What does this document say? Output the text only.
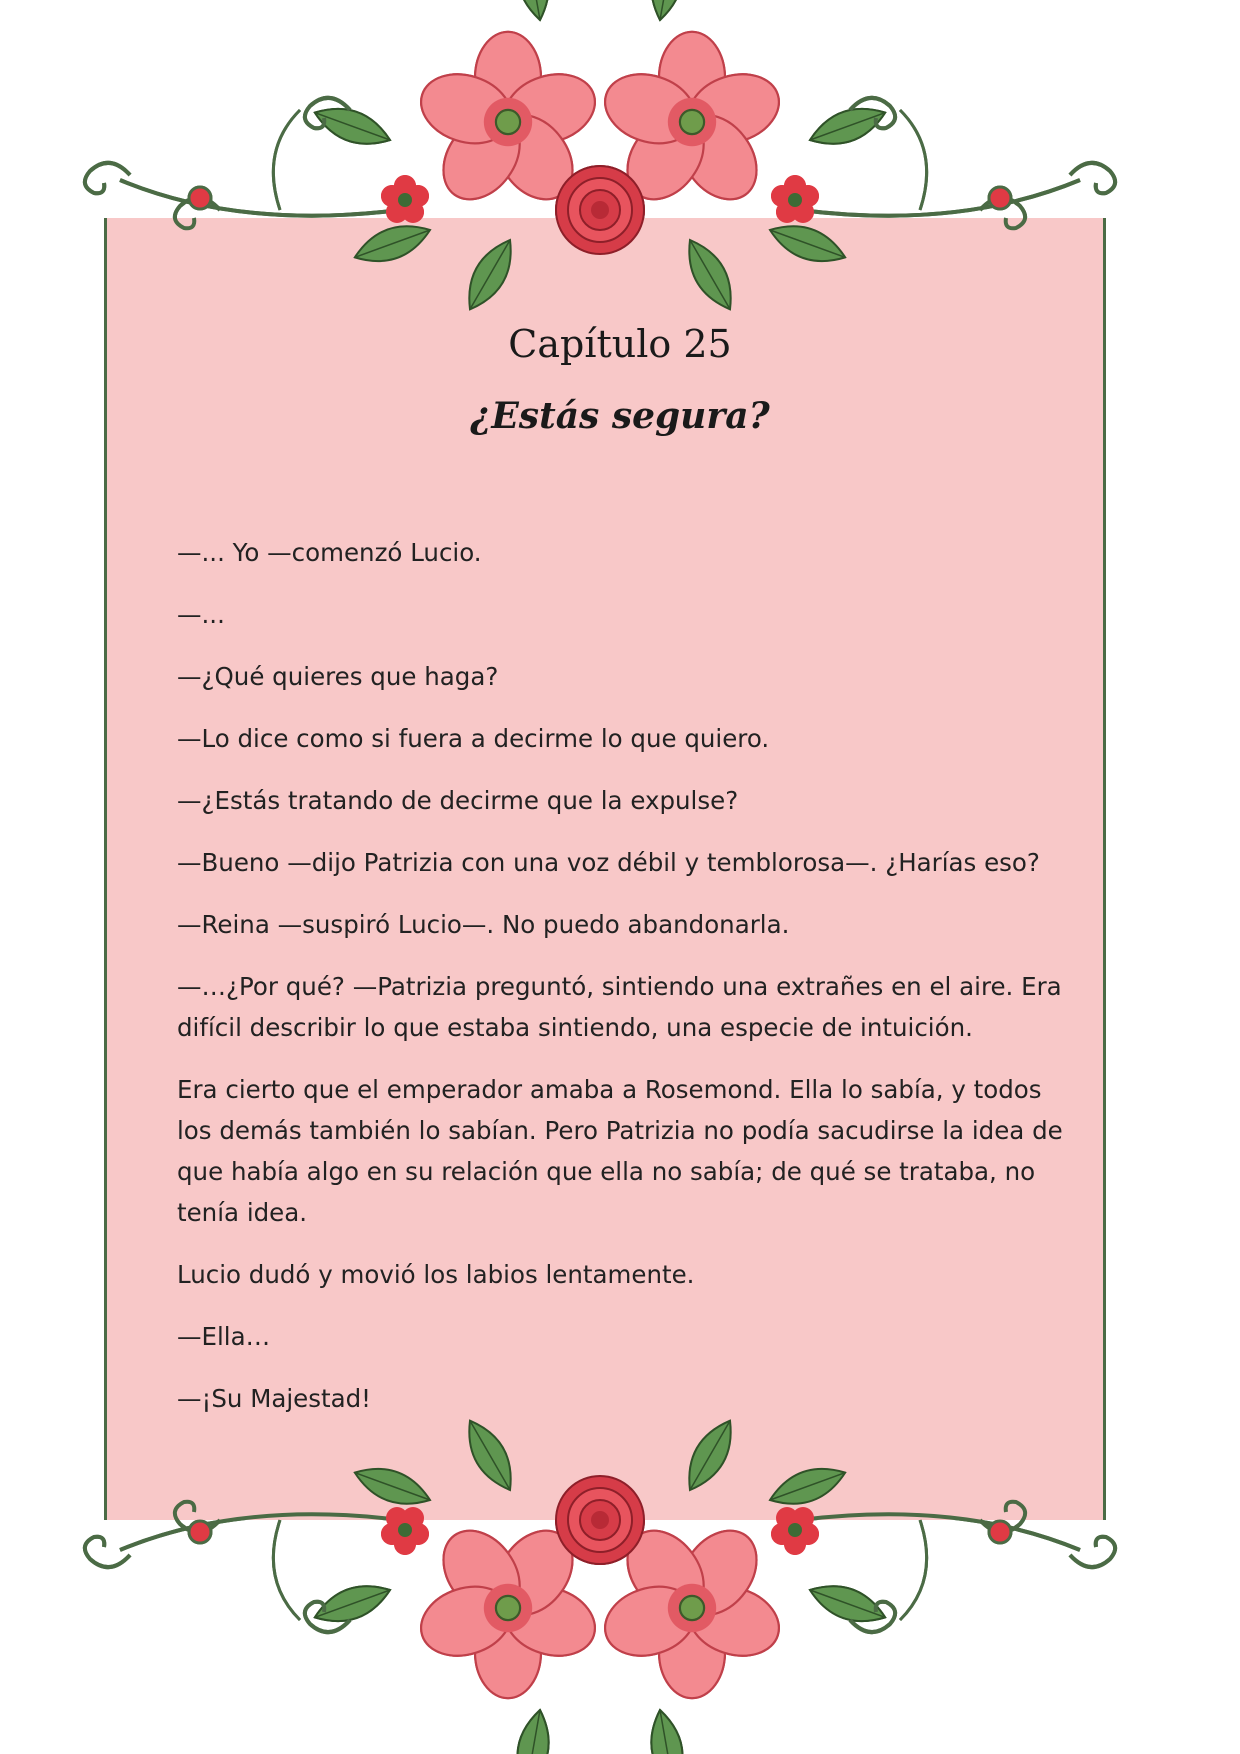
Capítulo 25
¿Estás segura?

—... Yo —comenzó Lucio.

—...

—¿Qué quieres que haga?

—Lo dice como si fuera a decirme lo que quiero.

—¿Estás tratando de decirme que la expulse?

—Bueno —dijo Patrizia con una voz débil y temblorosa—. ¿Harías eso?

—Reina —suspiró Lucio—. No puedo abandonarla.

—…¿Por qué? —Patrizia preguntó, sintiendo una extrañes en el aire. Era difícil describir lo que estaba sintiendo, una especie de intuición.

Era cierto que el emperador amaba a Rosemond. Ella lo sabía, y todos los demás también lo sabían. Pero Patrizia no podía sacudirse la idea de que había algo en su relación que ella no sabía; de qué se trataba, no tenía idea.

Lucio dudó y movió los labios lentamente.

—Ella…

—¡Su Majestad!
